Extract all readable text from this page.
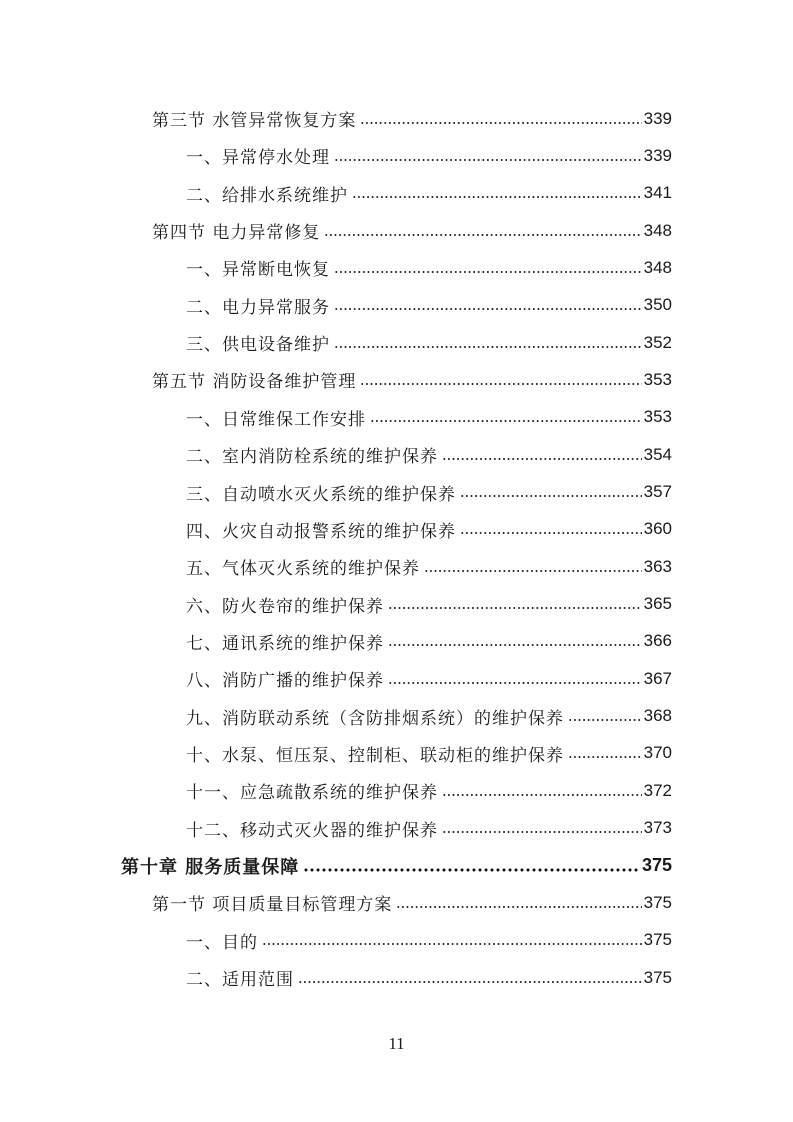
第三节 水管异常恢复方案	339
一、异常停水处理	339
二、给排水系统维护	341
第四节 电力异常修复	348
一、异常断电恢复	348
二、电力异常服务	350
三、供电设备维护	352
第五节 消防设备维护管理	353
一、日常维保工作安排	353
二、室内消防栓系统的维护保养	354
三、自动喷水灭火系统的维护保养	357
四、火灾自动报警系统的维护保养	360
五、气体灭火系统的维护保养	363
六、防火卷帘的维护保养	365
七、通讯系统的维护保养	366
八、消防广播的维护保养	367
九、消防联动系统（含防排烟系统）的维护保养	368
十、水泵、恒压泵、控制柜、联动柜的维护保养	370
十一、应急疏散系统的维护保养	372
十二、移动式灭火器的维护保养	373
第十章 服务质量保障	375
第一节 项目质量目标管理方案	375
一、目的	375
二、适用范围	375
11
